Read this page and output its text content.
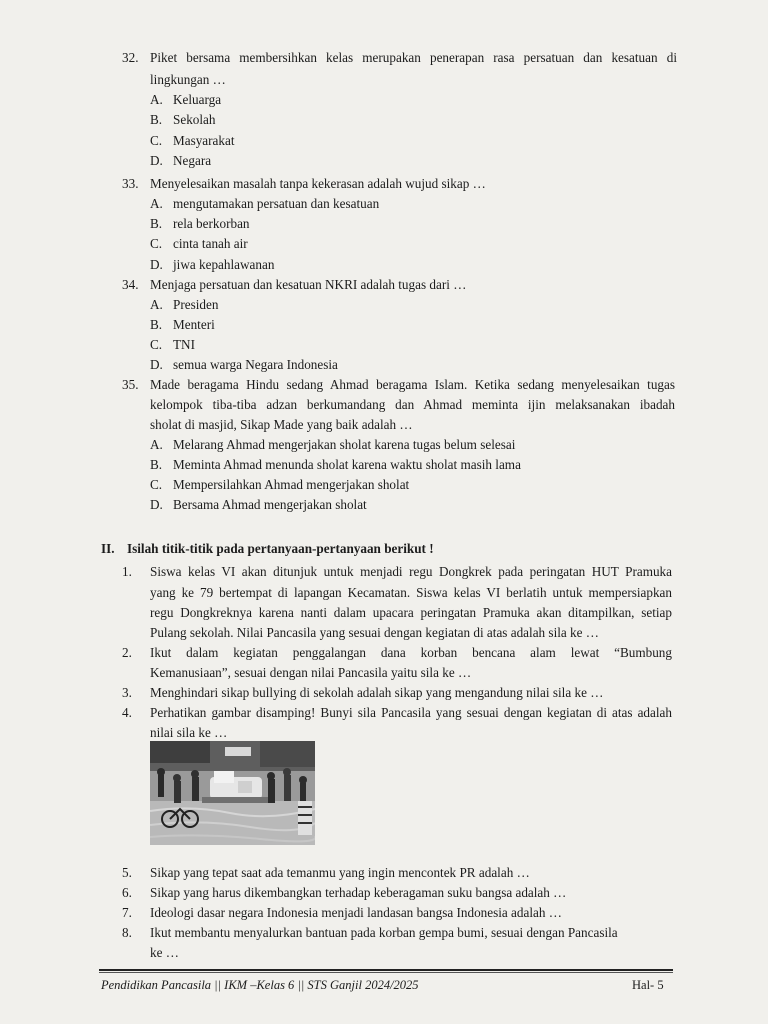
32. Piket bersama membersihkan kelas merupakan penerapan rasa persatuan dan kesatuan di
lingkungan …
A. Keluarga
B. Sekolah
C. Masyarakat
D. Negara
33. Menyelesaikan masalah tanpa kekerasan adalah wujud sikap …
A. mengutamakan persatuan dan kesatuan
B. rela berkorban
C. cinta tanah air
D. jiwa kepahlawanan
34. Menjaga persatuan dan kesatuan NKRI adalah tugas dari …
A. Presiden
B. Menteri
C. TNI
D. semua warga Negara Indonesia
35. Made beragama Hindu sedang Ahmad beragama Islam. Ketika sedang menyelesaikan tugas
kelompok tiba-tiba adzan berkumandang dan Ahmad meminta ijin melaksanakan ibadah
sholat di masjid, Sikap Made yang baik adalah …
A. Melarang Ahmad mengerjakan sholat karena tugas belum selesai
B. Meminta Ahmad menunda sholat karena waktu sholat masih lama
C. Mempersilahkan Ahmad mengerjakan sholat
D. Bersama Ahmad mengerjakan sholat
II. Isilah titik-titik pada pertanyaan-pertanyaan berikut !
1. Siswa kelas VI akan ditunjuk untuk menjadi regu Dongkrek pada peringatan HUT Pramuka
yang ke 79 bertempat di lapangan Kecamatan. Siswa kelas VI berlatih untuk mempersiapkan
regu Dongkreknya karena nanti dalam upacara peringatan Pramuka akan ditampilkan, setiap
Pulang sekolah. Nilai Pancasila yang sesuai dengan kegiatan di atas adalah sila ke …
2. Ikut dalam kegiatan penggalangan dana korban bencana alam lewat “Bumbung
Kemanusiaan”, sesuai dengan nilai Pancasila yaitu sila ke …
3. Menghindari sikap bullying di sekolah adalah sikap yang mengandung nilai sila ke …
4. Perhatikan gambar disamping! Bunyi sila Pancasila yang sesuai dengan kegiatan di atas adalah
nilai sila ke …
5. Sikap yang tepat saat ada temanmu yang ingin mencontek PR adalah …
6. Sikap yang harus dikembangkan terhadap keberagaman suku bangsa adalah …
7. Ideologi dasar negara Indonesia menjadi landasan bangsa Indonesia adalah …
8. Ikut membantu menyalurkan bantuan pada korban gempa bumi, sesuai dengan Pancasila
ke …
Pendidikan Pancasila || IKM –Kelas 6 || STS Ganjil 2024/2025	Hal- 5
